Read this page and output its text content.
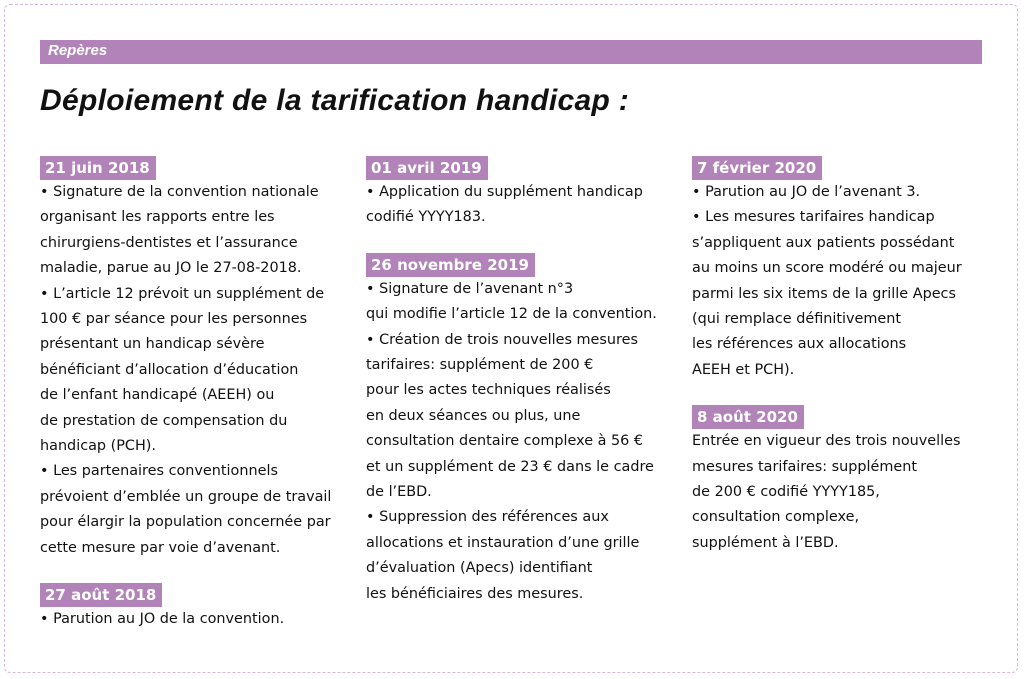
Repères
Déploiement de la tarification handicap :
21 juin 2018
• Signature de la convention nationale
organisant les rapports entre les
chirurgiens-dentistes et l’assurance
maladie, parue au JO le 27-08-2018.
• L’article 12 prévoit un supplément de
100 € par séance pour les personnes
présentant un handicap sévère
bénéficiant d’allocation d’éducation
de l’enfant handicapé (AEEH) ou
de prestation de compensation du
handicap (PCH).
• Les partenaires conventionnels
prévoient d’emblée un groupe de travail
pour élargir la population concernée par
cette mesure par voie d’avenant.
27 août 2018
• Parution au JO de la convention.
01 avril 2019
• Application du supplément handicap
codifié YYYY183.
26 novembre 2019
• Signature de l’avenant n°3
qui modifie l’article 12 de la convention.
• Création de trois nouvelles mesures
tarifaires: supplément de 200 €
pour les actes techniques réalisés
en deux séances ou plus, une
consultation dentaire complexe à 56 €
et un supplément de 23 € dans le cadre
de l’EBD.
• Suppression des références aux
allocations et instauration d’une grille
d’évaluation (Apecs) identifiant
les bénéficiaires des mesures.
7 février 2020
• Parution au JO de l’avenant 3.
• Les mesures tarifaires handicap
s’appliquent aux patients possédant
au moins un score modéré ou majeur
parmi les six items de la grille Apecs
(qui remplace définitivement
les références aux allocations
AEEH et PCH).
8 août 2020
Entrée en vigueur des trois nouvelles
mesures tarifaires: supplément
de 200 € codifié YYYY185,
consultation complexe,
supplément à l’EBD.
